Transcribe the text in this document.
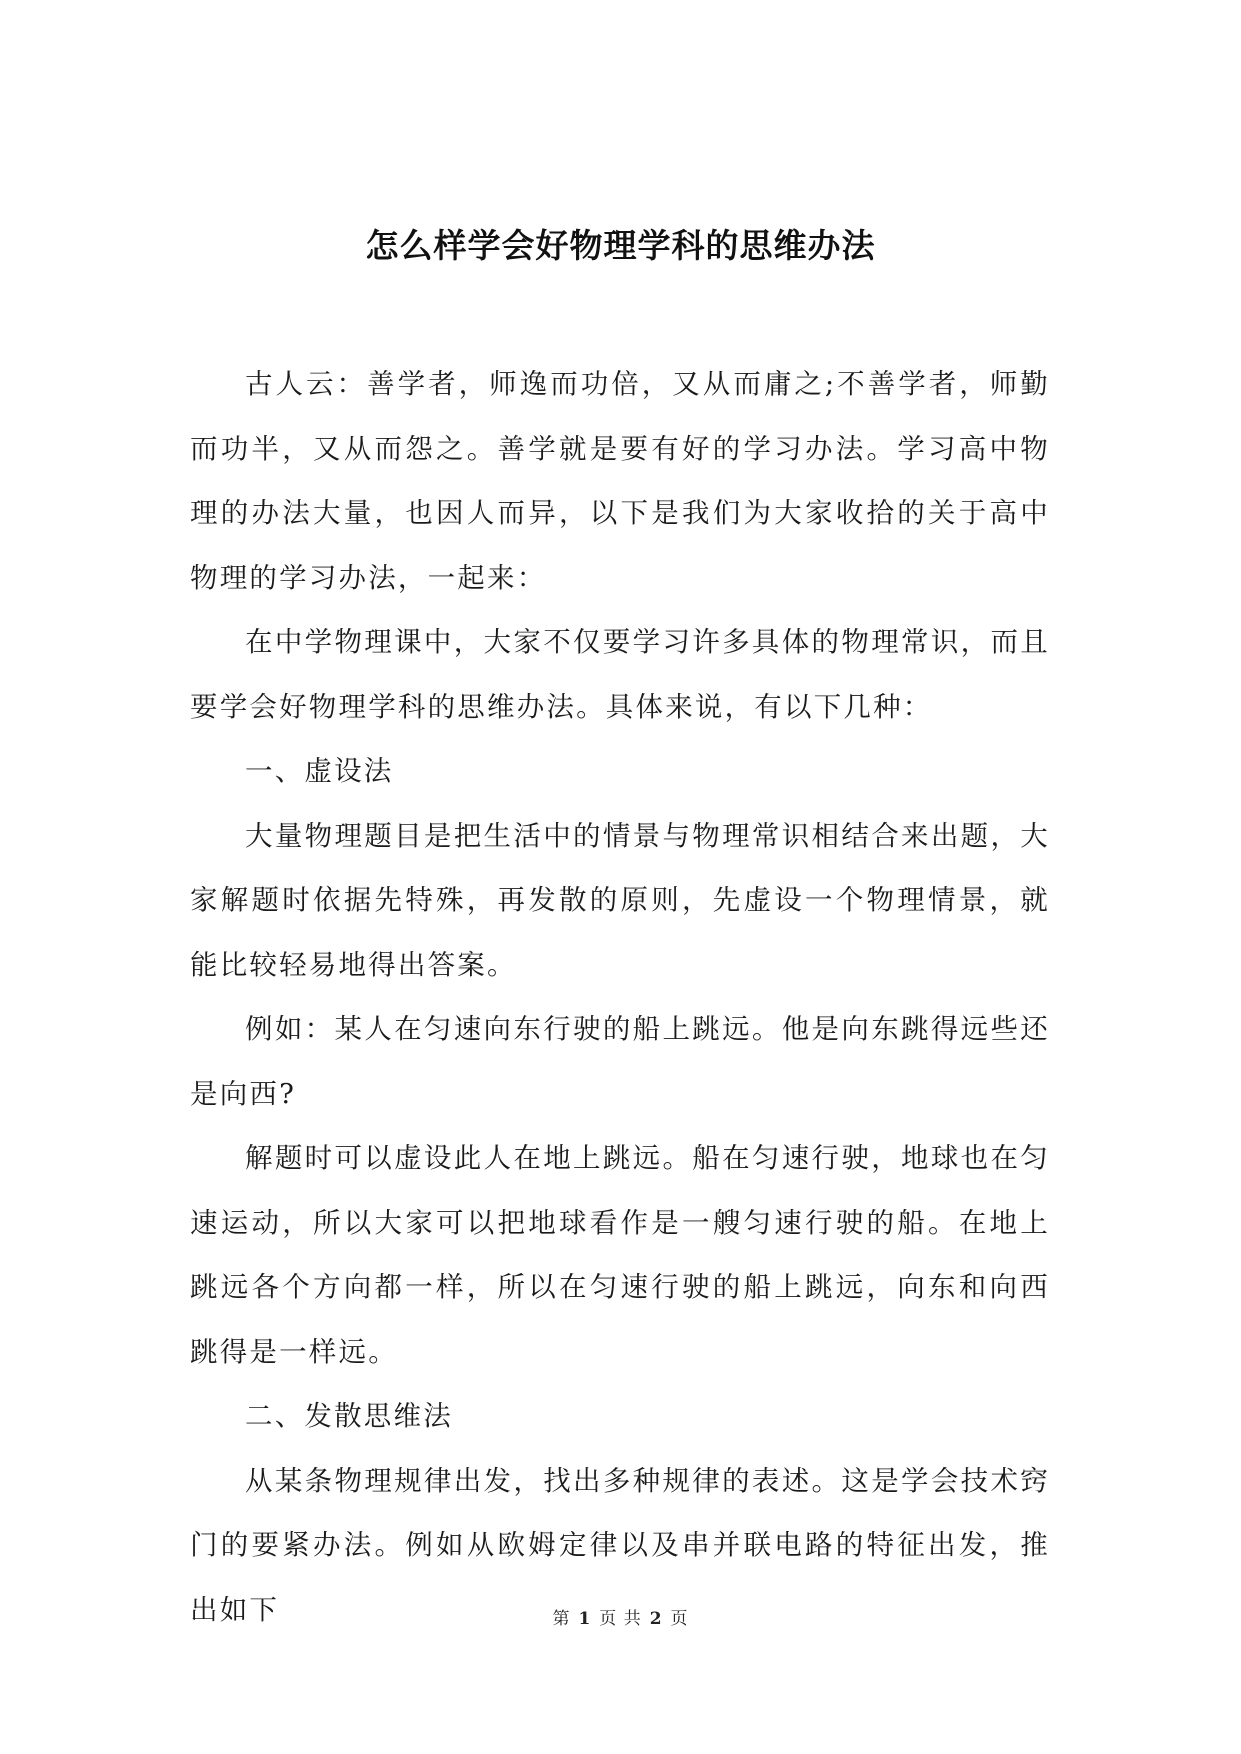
怎么样学会好物理学科的思维办法

古人云：善学者，师逸而功倍，又从而庸之;不善学者，师勤而功半，又从而怨之。善学就是要有好的学习办法。学习高中物理的办法大量，也因人而异，以下是我们为大家收拾的关于高中物理的学习办法，一起来：

在中学物理课中，大家不仅要学习许多具体的物理常识，而且要学会好物理学科的思维办法。具体来说，有以下几种：

一、虚设法

大量物理题目是把生活中的情景与物理常识相结合来出题，大家解题时依据先特殊，再发散的原则，先虚设一个物理情景，就能比较轻易地得出答案。

例如：某人在匀速向东行驶的船上跳远。他是向东跳得远些还是向西?

解题时可以虚设此人在地上跳远。船在匀速行驶，地球也在匀速运动，所以大家可以把地球看作是一艘匀速行驶的船。在地上跳远各个方向都一样，所以在匀速行驶的船上跳远，向东和向西跳得是一样远。

二、发散思维法

从某条物理规律出发，找出多种规律的表述。这是学会技术窍门的要紧办法。例如从欧姆定律以及串并联电路的特征出发，推出如下	第 1 页 共 2 页
